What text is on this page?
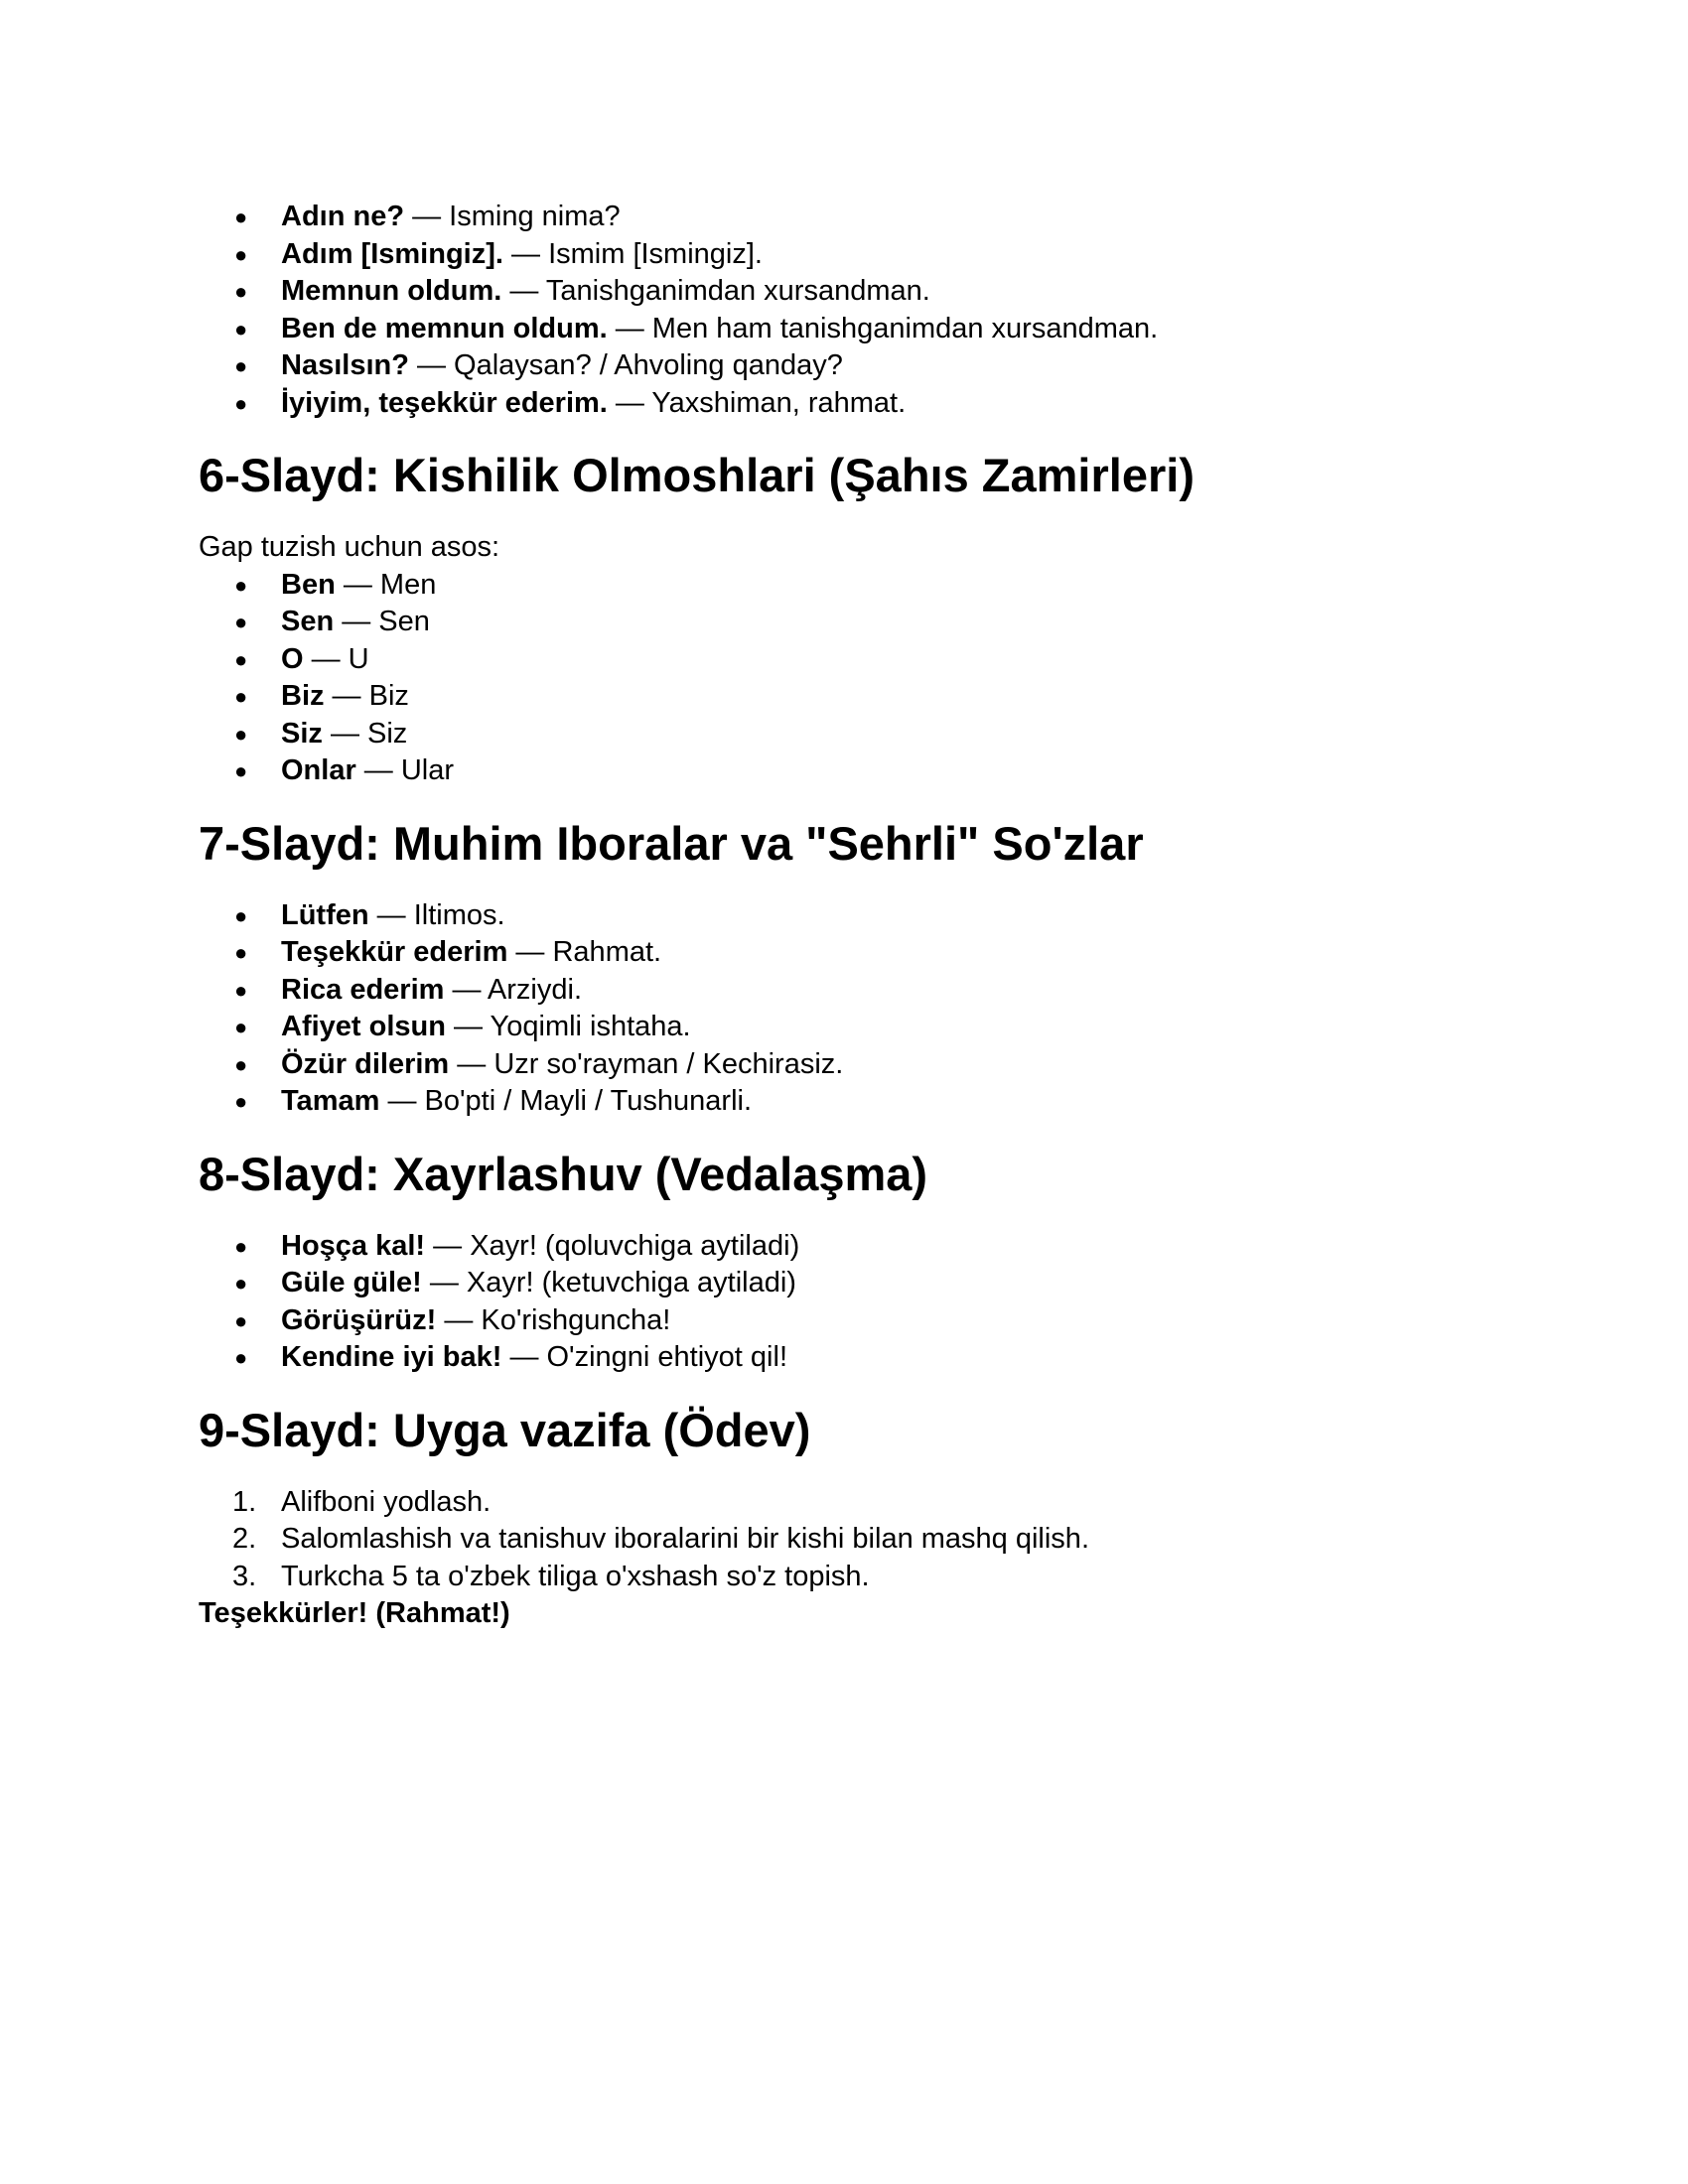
● Adın ne? — Isming nima?
● Adım [Ismingiz]. — Ismim [Ismingiz].
● Memnun oldum. — Tanishganimdan xursandman.
● Ben de memnun oldum. — Men ham tanishganimdan xursandman.
● Nasılsın? — Qalaysan? / Ahvoling qanday?
● İyiyim, teşekkür ederim. — Yaxshiman, rahmat.
6-Slayd: Kishilik Olmoshlari (Şahıs Zamirleri)
Gap tuzish uchun asos:
● Ben — Men
● Sen — Sen
● O — U
● Biz — Biz
● Siz — Siz
● Onlar — Ular
7-Slayd: Muhim Iboralar va "Sehrli" So'zlar
● Lütfen — Iltimos.
● Teşekkür ederim — Rahmat.
● Rica ederim — Arziydi.
● Afiyet olsun — Yoqimli ishtaha.
● Özür dilerim — Uzr so'rayman / Kechirasiz.
● Tamam — Bo'pti / Mayli / Tushunarli.
8-Slayd: Xayrlashuv (Vedalaşma)
● Hoşça kal! — Xayr! (qoluvchiga aytiladi)
● Güle güle! — Xayr! (ketuvchiga aytiladi)
● Görüşürüz! — Ko'rishguncha!
● Kendine iyi bak! — O'zingni ehtiyot qil!
9-Slayd: Uyga vazifa (Ödev)
1. Alifboni yodlash.
2. Salomlashish va tanishuv iboralarini bir kishi bilan mashq qilish.
3. Turkcha 5 ta o'zbek tiliga o'xshash so'z topish.
Teşekkürler! (Rahmat!)
